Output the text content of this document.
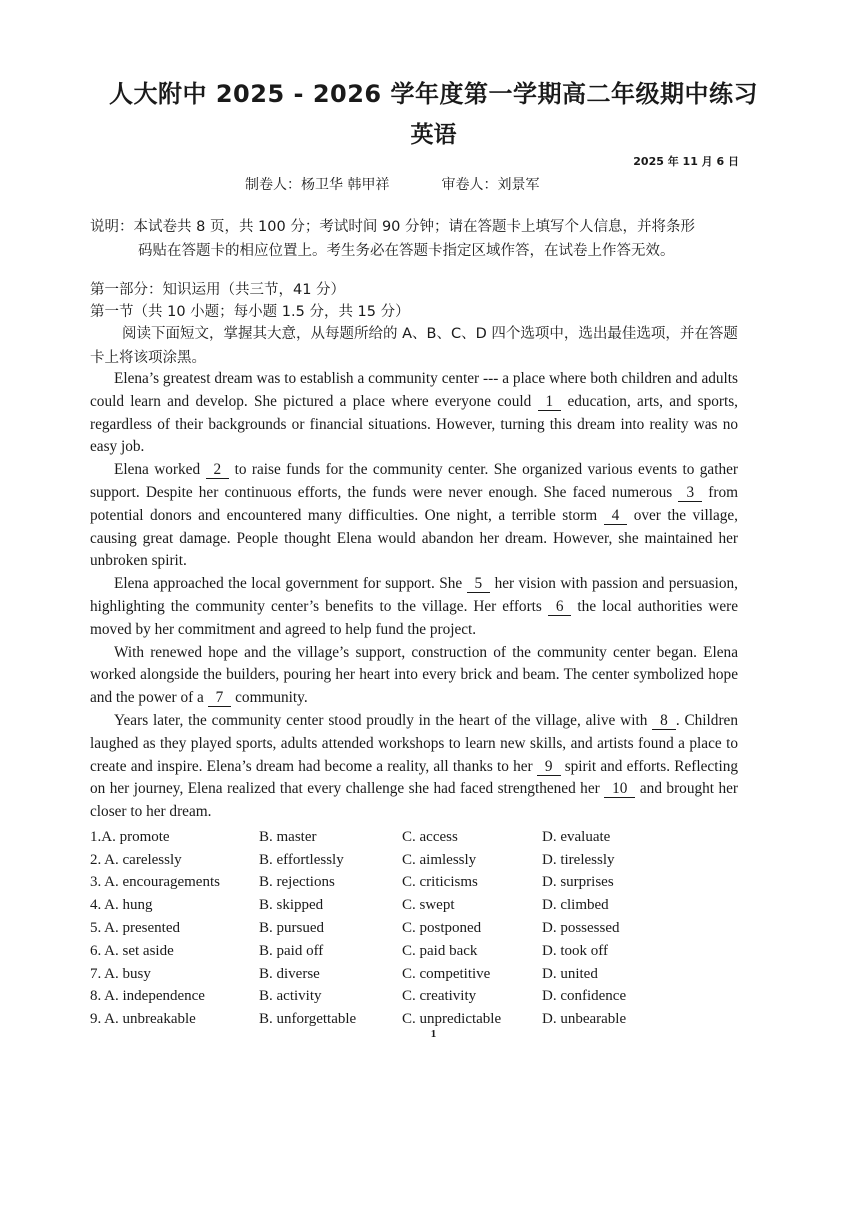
人大附中 2025 - 2026 学年度第一学期高二年级期中练习
英语
2025 年 11 月 6 日
制卷人：杨卫华 韩甲祥	审卷人：刘景军
说明：本试卷共 8 页，共 100 分；考试时间 90 分钟；请在答题卡上填写个人信息，并将条形
码贴在答题卡的相应位置上。考生务必在答题卡指定区域作答，在试卷上作答无效。
第一部分：知识运用（共三节，41 分）
第一节（共 10 小题；每小题 1.5 分，共 15 分）
阅读下面短文，掌握其大意，从每题所给的 A、B、C、D 四个选项中，选出最佳选项，并在答题卡上将该项涂黑。

Elena’s greatest dream was to establish a community center --- a place where both children and adults could learn and develop. She pictured a place where everyone could 1 education, arts, and sports, regardless of their backgrounds or financial situations. However, turning this dream into reality was no easy job.

Elena worked 2 to raise funds for the community center. She organized various events to gather support. Despite her continuous efforts, the funds were never enough. She faced numerous 3 from potential donors and encountered many difficulties. One night, a terrible storm 4 over the village, causing great damage. People thought Elena would abandon her dream. However, she maintained her unbroken spirit.

Elena approached the local government for support. She 5 her vision with passion and persuasion, highlighting the community center’s benefits to the village. Her efforts 6 the local authorities were moved by her commitment and agreed to help fund the project.

With renewed hope and the village’s support, construction of the community center began. Elena worked alongside the builders, pouring her heart into every brick and beam. The center symbolized hope and the power of a 7 community.

Years later, the community center stood proudly in the heart of the village, alive with 8 . Children laughed as they played sports, adults attended workshops to learn new skills, and artists found a place to create and inspire. Elena’s dream had become a reality, all thanks to her 9 spirit and efforts. Reflecting on her journey, Elena realized that every challenge she had faced strengthened her 10 and brought her closer to her dream.

1.A. promote	B. master	C. access	D. evaluate
2. A. carelessly	B. effortlessly	C. aimlessly	D. tirelessly
3. A. encouragements	B. rejections	C. criticisms	D. surprises
4. A. hung	B. skipped	C. swept	D. climbed
5. A. presented	B. pursued	C. postponed	D. possessed
6. A. set aside	B. paid off	C. paid back	D. took off
7. A. busy	B. diverse	C. competitive	D. united
8. A. independence	B. activity	C. creativity	D. confidence
9. A. unbreakable	B. unforgettable	C. unpredictable	D. unbearable
1
